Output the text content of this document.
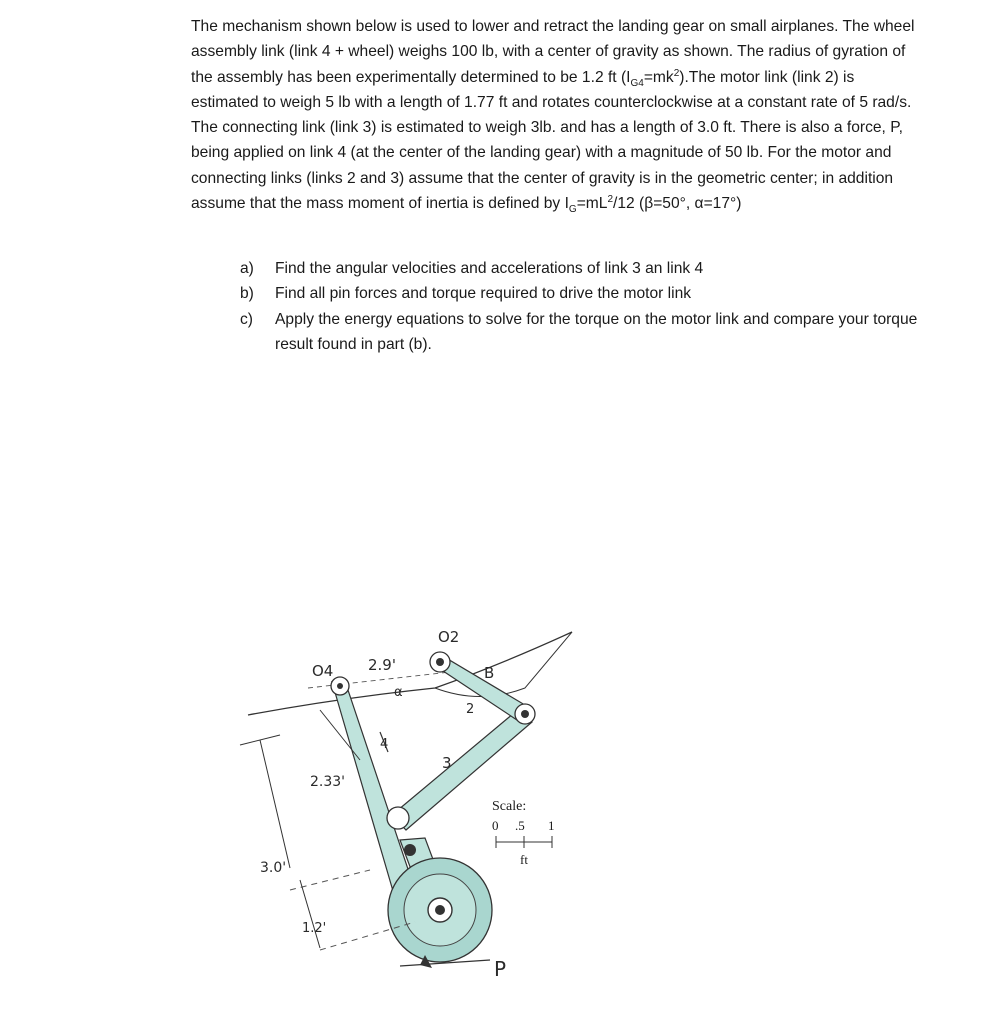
The mechanism shown below is used to lower and retract the landing gear on small airplanes. The wheel assembly link (link 4 + wheel) weighs 100 lb, with a center of gravity as shown. The radius of gyration of the assembly has been experimentally determined to be 1.2 ft $(I_{G4}=mk^2).The$ motor link (link 2) is estimated to weigh 5 lb with a length of 1.77 ft and rotates counterclockwise at a constant rate of 5 rad/s. The connecting link (link 3) is estimated to weigh 3lb. and has a length of 3.0 ft. There is also a force, P, being applied on link 4 (at the center of the landing gear) with a magnitude of 50 lb. For the motor and connecting links (links 2 and 3) assume that the center of gravity is in the geometric center; in addition assume that the mass moment of inertia is defined by $I_G=mL^2/12$ (β=50°, α=17°)

a) Find the angular velocities and accelerations of link 3 an link 4
b) Find all pin forces and torque required to drive the motor link
c) Apply the energy equations to solve for the torque on the motor link and compare your torque result found in part (b).
O4
O2
2.9'
α
B
2
3
4
2.33'
3.0'
1.2'
P
Scale:
0 .5 1
ft
